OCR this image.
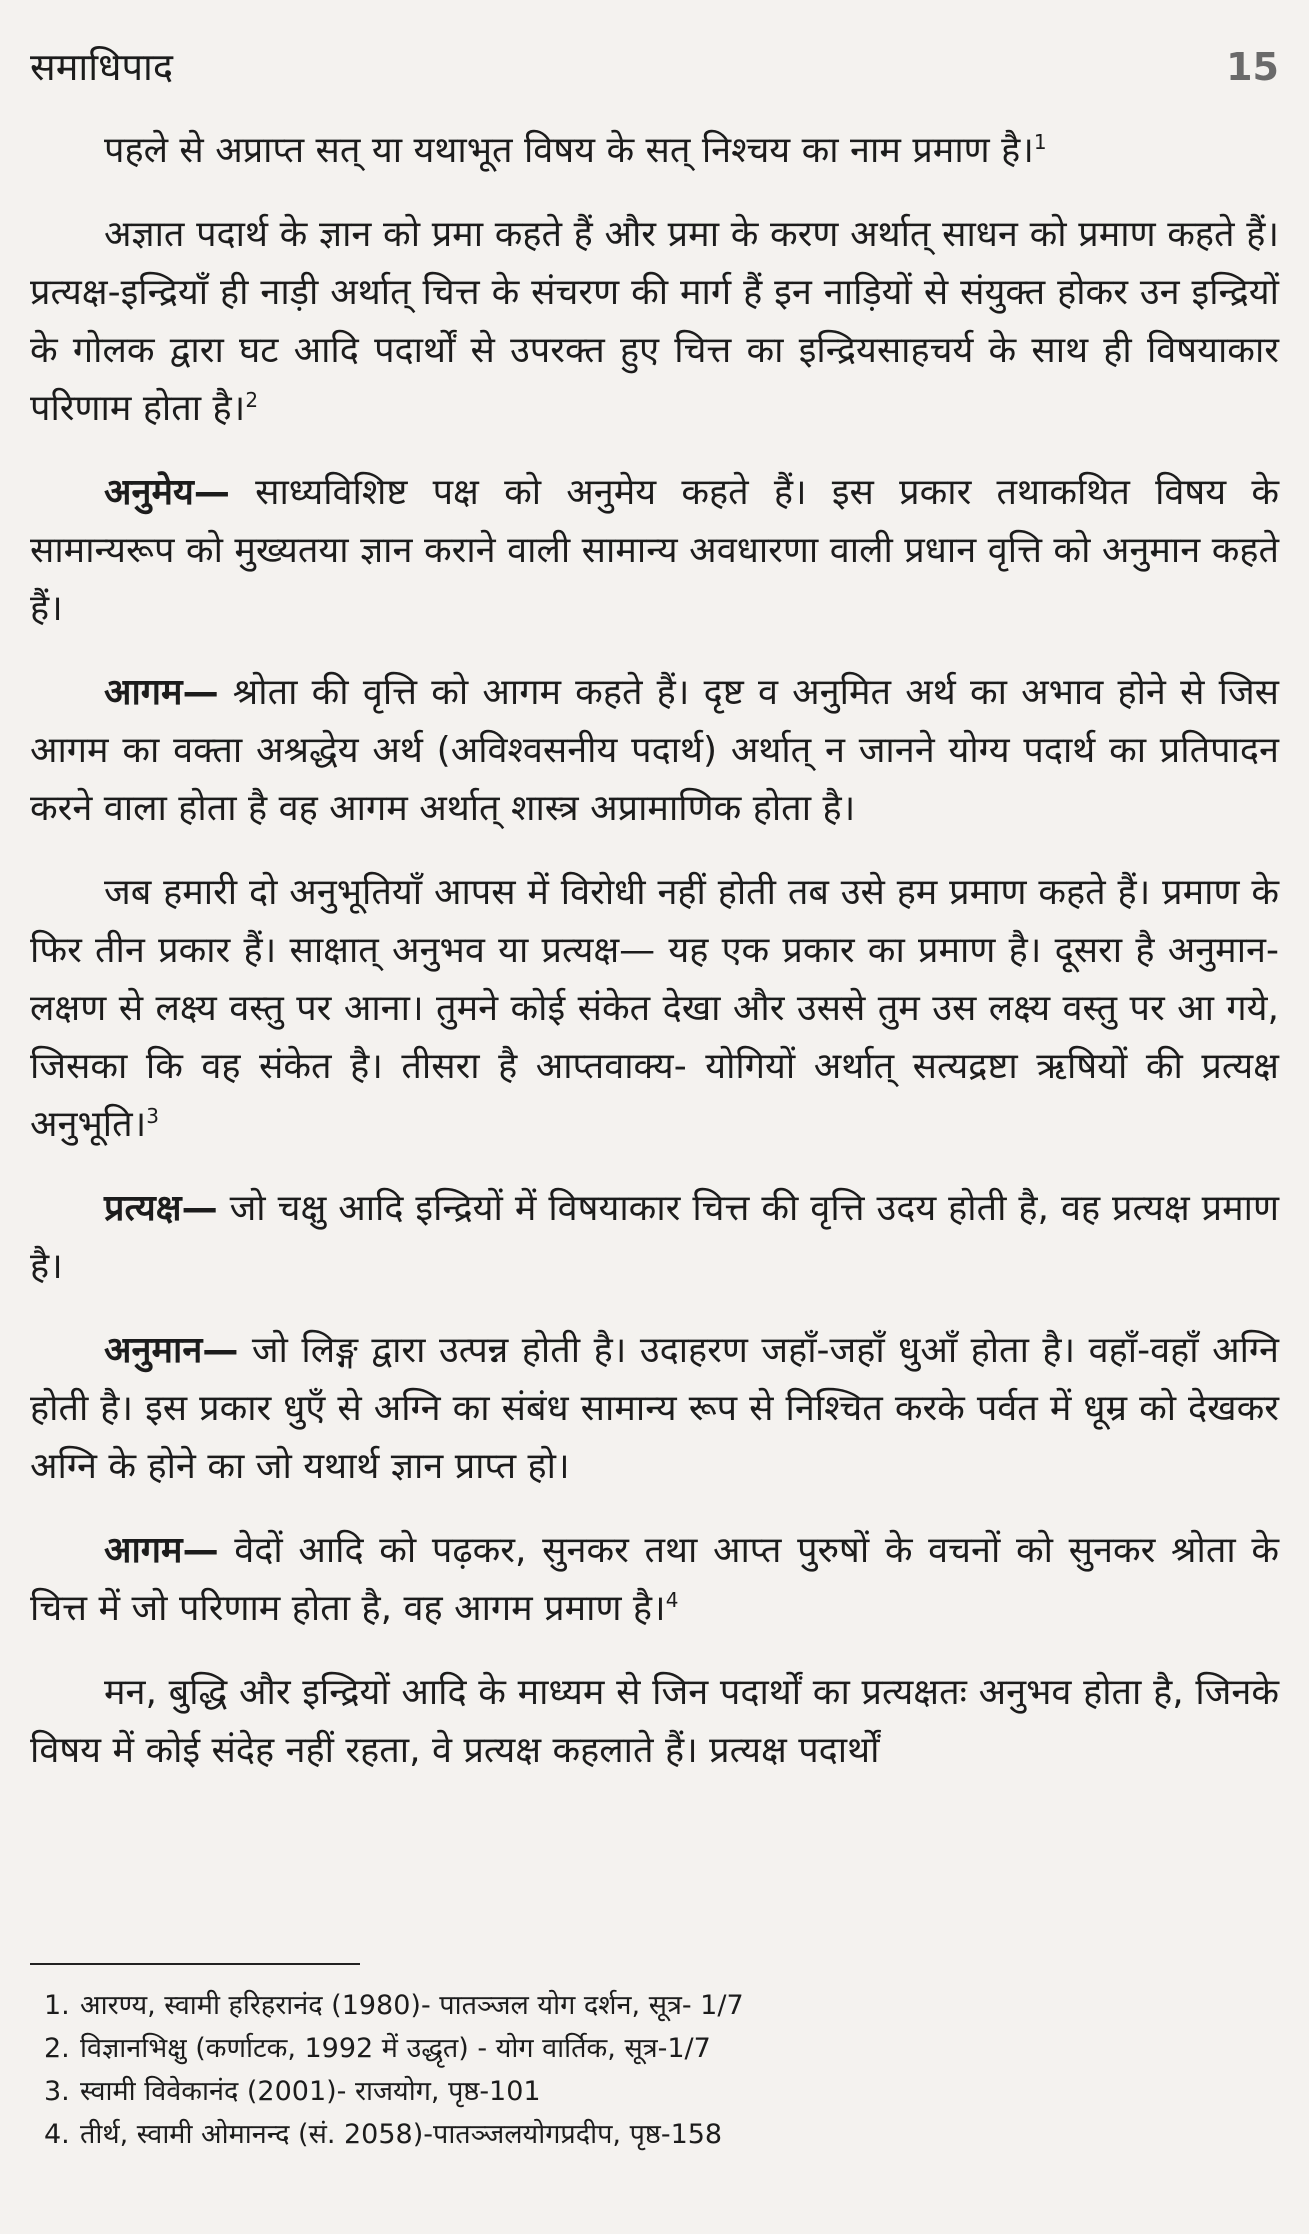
समाधिपाद	15

पहले से अप्राप्त सत् या यथाभूत विषय के सत् निश्चय का नाम प्रमाण है।$^1$

अज्ञात पदार्थ के ज्ञान को प्रमा कहते हैं और प्रमा के करण अर्थात् साधन को प्रमाण कहते हैं। प्रत्यक्ष-इन्द्रियाँ ही नाड़ी अर्थात् चित्त के संचरण की मार्ग हैं इन नाड़ियों से संयुक्त होकर उन इन्द्रियों के गोलक द्वारा घट आदि पदार्थों से उपरक्त हुए चित्त का इन्द्रियसाहचर्य के साथ ही विषयाकार परिणाम होता है।$^2$

अनुमेय— साध्यविशिष्ट पक्ष को अनुमेय कहते हैं। इस प्रकार तथाकथित विषय के सामान्यरूप को मुख्यतया ज्ञान कराने वाली सामान्य अवधारणा वाली प्रधान वृत्ति को अनुमान कहते हैं।

आगम— श्रोता की वृत्ति को आगम कहते हैं। दृष्ट व अनुमित अर्थ का अभाव होने से जिस आगम का वक्ता अश्रद्धेय अर्थ (अविश्वसनीय पदार्थ) अर्थात् न जानने योग्य पदार्थ का प्रतिपादन करने वाला होता है वह आगम अर्थात् शास्त्र अप्रामाणिक होता है।

जब हमारी दो अनुभूतियाँ आपस में विरोधी नहीं होती तब उसे हम प्रमाण कहते हैं। प्रमाण के फिर तीन प्रकार हैं। साक्षात् अनुभव या प्रत्यक्ष— यह एक प्रकार का प्रमाण है। दूसरा है अनुमान- लक्षण से लक्ष्य वस्तु पर आना। तुमने कोई संकेत देखा और उससे तुम उस लक्ष्य वस्तु पर आ गये, जिसका कि वह संकेत है। तीसरा है आप्तवाक्य- योगियों अर्थात् सत्यद्रष्टा ऋषियों की प्रत्यक्ष अनुभूति।$^3$

प्रत्यक्ष— जो चक्षु आदि इन्द्रियों में विषयाकार चित्त की वृत्ति उदय होती है, वह प्रत्यक्ष प्रमाण है।

अनुमान— जो लिङ्ग द्वारा उत्पन्न होती है। उदाहरण जहाँ-जहाँ धुआँ होता है। वहाँ-वहाँ अग्नि होती है। इस प्रकार धुएँ से अग्नि का संबंध सामान्य रूप से निश्चित करके पर्वत में धूम्र को देखकर अग्नि के होने का जो यथार्थ ज्ञान प्राप्त हो।

आगम— वेदों आदि को पढ़कर, सुनकर तथा आप्त पुरुषों के वचनों को सुनकर श्रोता के चित्त में जो परिणाम होता है, वह आगम प्रमाण है।$^4$

मन, बुद्धि और इन्द्रियों आदि के माध्यम से जिन पदार्थों का प्रत्यक्षतः अनुभव होता है, जिनके विषय में कोई संदेह नहीं रहता, वे प्रत्यक्ष कहलाते हैं। प्रत्यक्ष पदार्थों

1. आरण्य, स्वामी हरिहरानंद (1980)- पातञ्जल योग दर्शन, सूत्र- 1/7

2. विज्ञानभिक्षु (कर्णाटक, 1992 में उद्धृत) - योग वार्तिक, सूत्र-1/7

3. स्वामी विवेकानंद (2001)- राजयोग, पृष्ठ-101

4. तीर्थ, स्वामी ओमानन्द (सं. 2058)-पातञ्जलयोगप्रदीप, पृष्ठ-158
